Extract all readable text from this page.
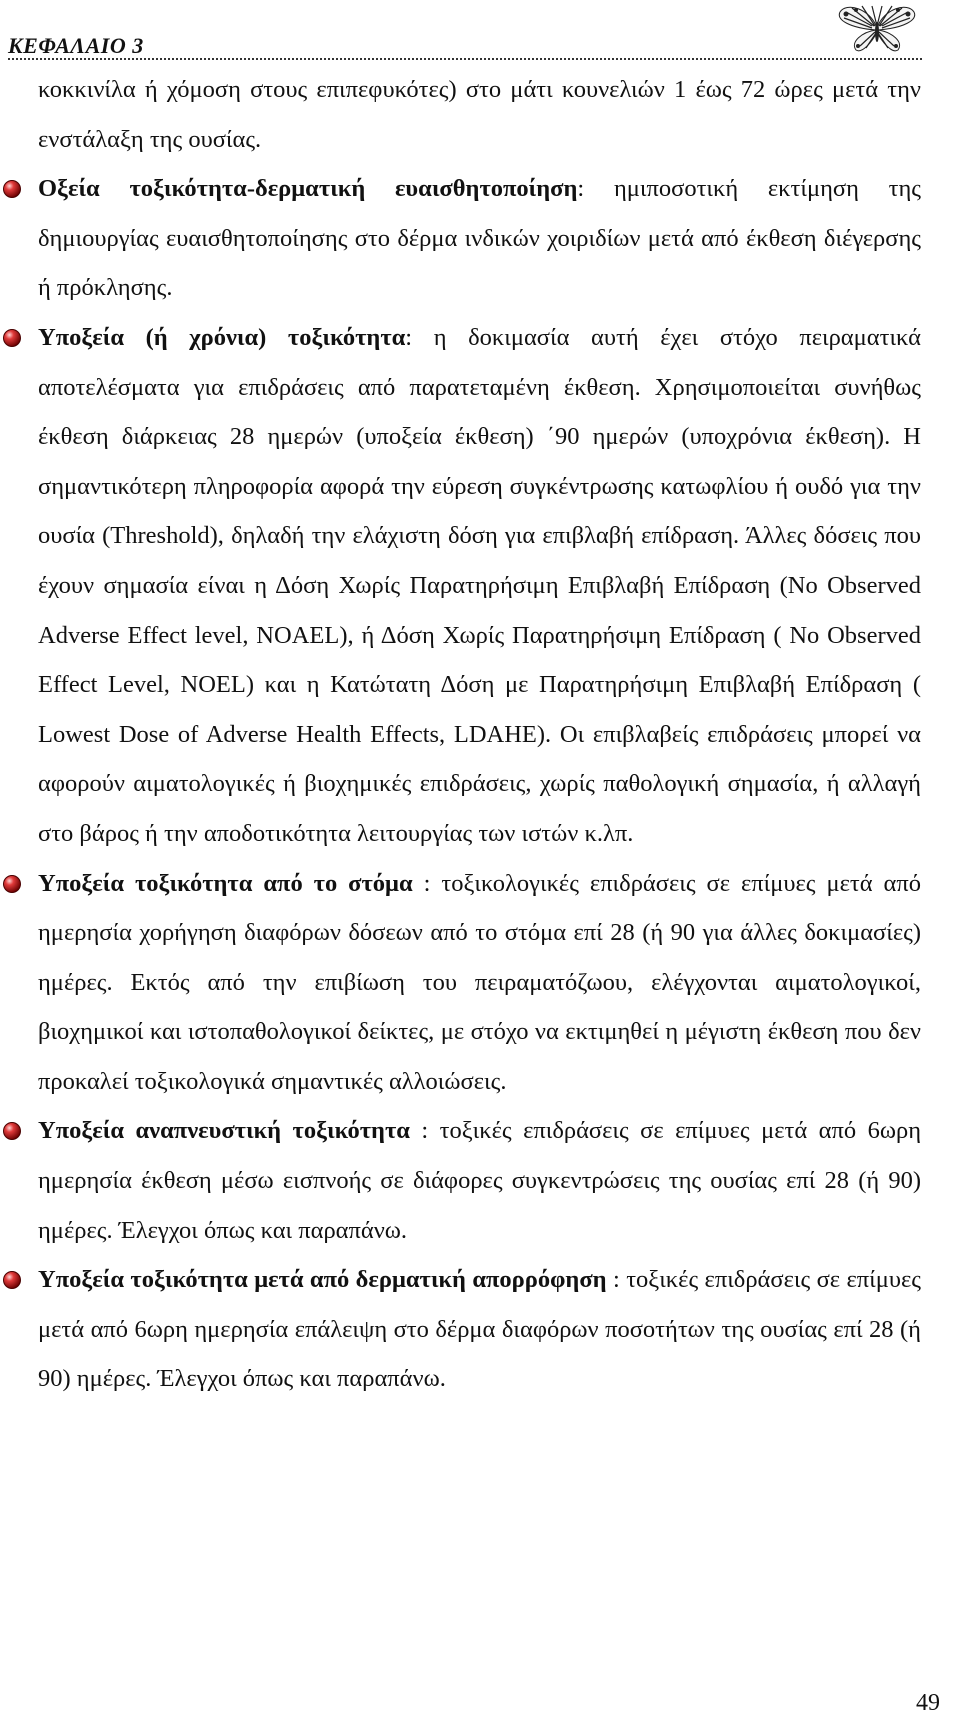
ΚΕΦΑΛΑΙΟ 3

κοκκινίλα ή χόμοση στους επιπεφυκότες) στο μάτι κουνελιών 1 έως 72 ώρες μετά την ενστάλαξη της ουσίας.

Οξεία τοξικότητα-δερματική ευαισθητοποίηση: ημιποσοτική εκτίμηση της δημιουργίας ευαισθητοποίησης στο δέρμα ινδικών χοιριδίων μετά από έκθεση διέγερσης ή πρόκλησης.

Υποξεία (ή χρόνια) τοξικότητα: η δοκιμασία αυτή έχει στόχο πειραματικά αποτελέσματα για επιδράσεις από παρατεταμένη έκθεση. Χρησιμοποιείται συνήθως έκθεση διάρκειας 28 ημερών (υποξεία έκθεση) ΄90 ημερών (υποχρόνια έκθεση). Η σημαντικότερη πληροφορία αφορά την εύρεση συγκέντρωσης κατωφλίου ή ουδό για την ουσία (Threshold), δηλαδή την ελάχιστη δόση για επιβλαβή επίδραση. Άλλες δόσεις που έχουν σημασία είναι η Δόση Χωρίς Παρατηρήσιμη Επιβλαβή Επίδραση (No Observed Adverse Effect level, NOAEL), ή Δόση Χωρίς Παρατηρήσιμη Επίδραση ( No Observed Effect Level, NOEL) και η Κατώτατη Δόση με Παρατηρήσιμη Επιβλαβή Επίδραση ( Lowest Dose of Adverse Health Effects, LDAHE). Οι επιβλαβείς επιδράσεις μπορεί να αφορούν αιματολογικές ή βιοχημικές επιδράσεις, χωρίς παθολογική σημασία, ή αλλαγή στο βάρος ή την αποδοτικότητα λειτουργίας των ιστών κ.λπ.

Υποξεία τοξικότητα από το στόμα : τοξικολογικές επιδράσεις σε επίμυες μετά από ημερησία χορήγηση διαφόρων δόσεων από το στόμα επί 28 (ή 90 για άλλες δοκιμασίες) ημέρες. Εκτός από την επιβίωση του πειραματόζωου, ελέγχονται αιματολογικοί, βιοχημικοί και ιστοπαθολογικοί δείκτες, με στόχο να εκτιμηθεί η μέγιστη έκθεση που δεν προκαλεί τοξικολογικά σημαντικές αλλοιώσεις.

Υποξεία αναπνευστική τοξικότητα : τοξικές επιδράσεις σε επίμυες μετά από 6ωρη ημερησία έκθεση μέσω εισπνοής σε διάφορες συγκεντρώσεις της ουσίας επί 28 (ή 90) ημέρες. Έλεγχοι όπως και παραπάνω.

Υποξεία τοξικότητα μετά από δερματική απορρόφηση : τοξικές επιδράσεις σε επίμυες μετά από 6ωρη ημερησία επάλειψη στο δέρμα διαφόρων ποσοτήτων της ουσίας επί 28 (ή 90) ημέρες. Έλεγχοι όπως και παραπάνω.

49
